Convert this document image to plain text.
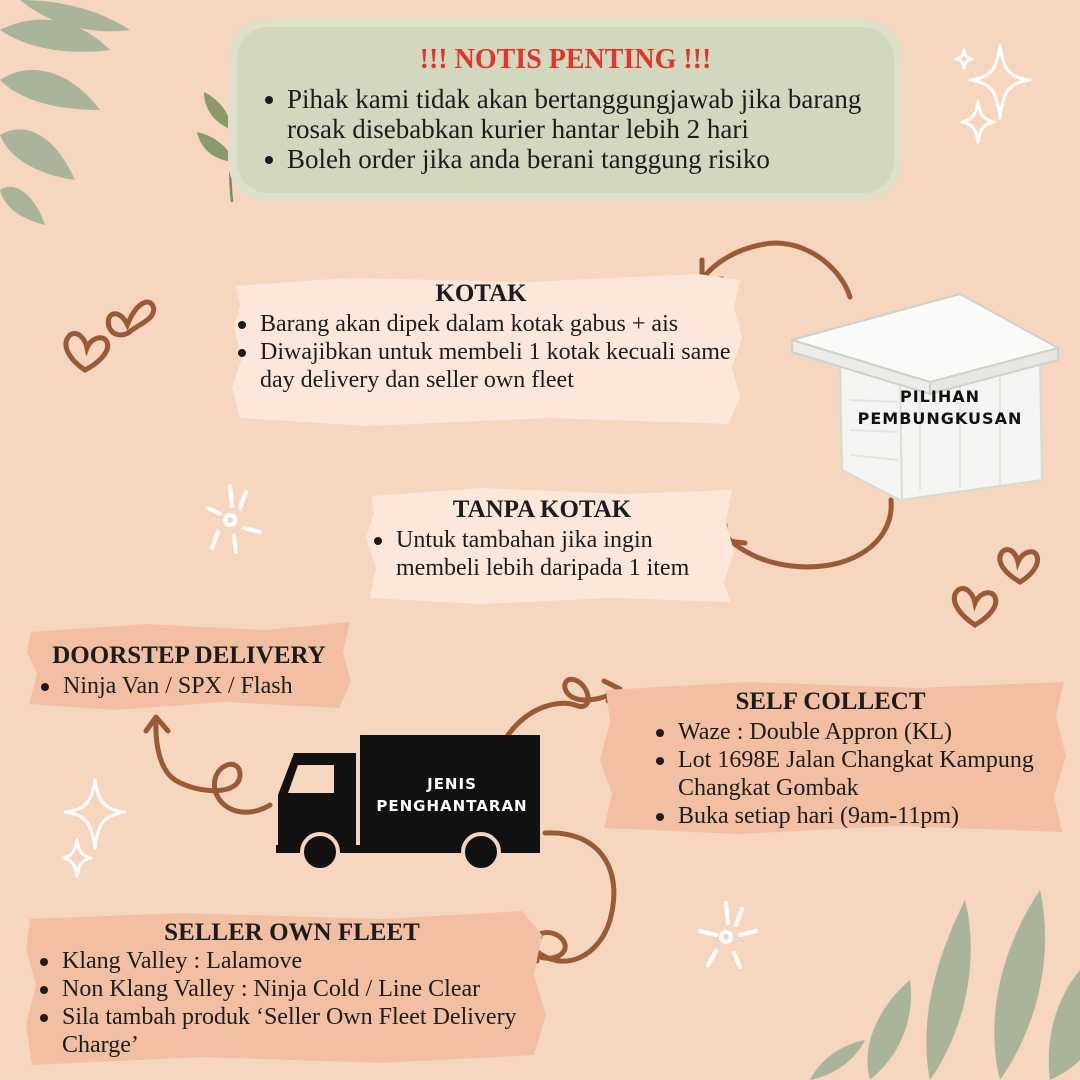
!!! NOTIS PENTING !!!
Pihak kami tidak akan bertanggungjawab jika barang rosak disebabkan kurier hantar lebih 2 hari
Boleh order jika anda berani tanggung risiko
KOTAK
Barang akan dipek dalam kotak gabus + ais
Diwajibkan untuk membeli 1 kotak kecuali same day delivery dan seller own fleet
PILIHAN
PEMBUNGKUSAN
TANPA KOTAK
Untuk tambahan jika ingin membeli lebih daripada 1 item
DOORSTEP DELIVERY
Ninja Van / SPX / Flash
JENIS
PENGHANTARAN
SELF COLLECT
Waze : Double Appron (KL)
Lot 1698E Jalan Changkat Kampung Changkat Gombak
Buka setiap hari (9am-11pm)
SELLER OWN FLEET
Klang Valley : Lalamove
Non Klang Valley : Ninja Cold / Line Clear
Sila tambah produk ‘Seller Own Fleet Delivery Charge’
